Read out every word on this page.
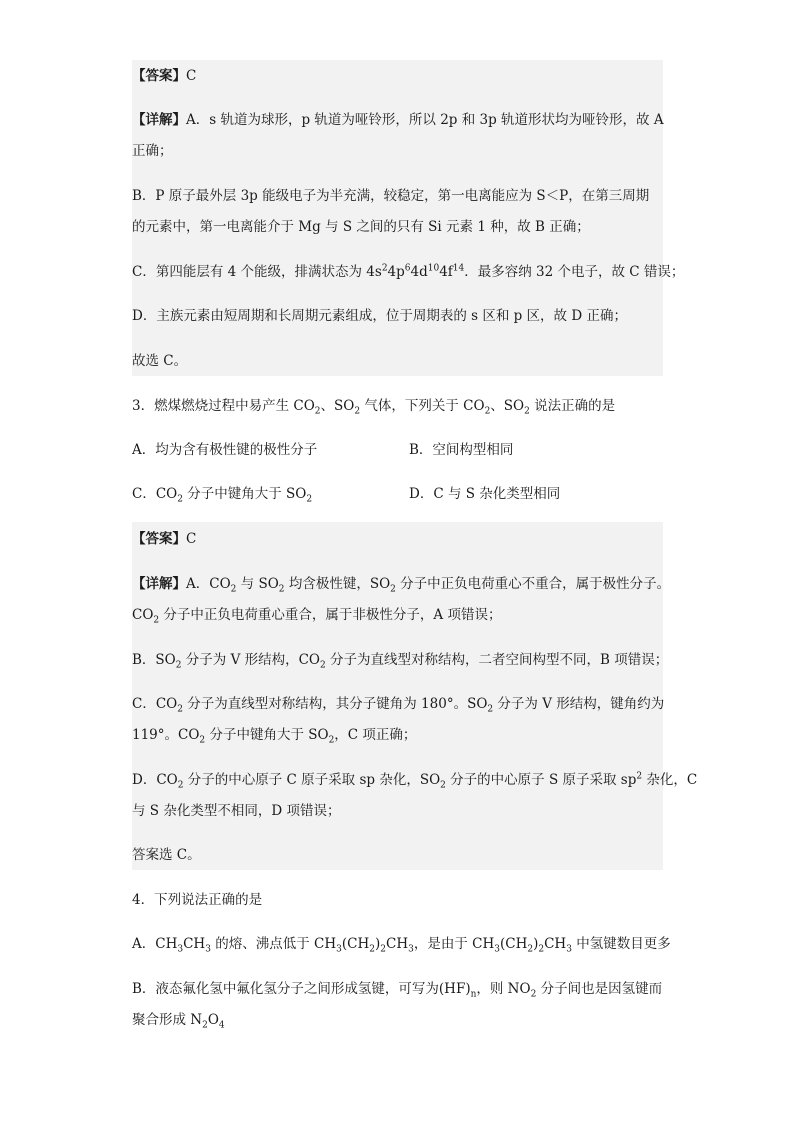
【答案】C
【详解】A．s 轨道为球形，p 轨道为哑铃形，所以 2p 和 3p 轨道形状均为哑铃形，故 A
正确；
B．P 原子最外层 3p 能级电子为半充满，较稳定，第一电离能应为 S＜P，在第三周期
的元素中，第一电离能介于 Mg 与 S 之间的只有 Si 元素 1 种，故 B 正确；
C．第四能层有 4 个能级，排满状态为 $4s^24p^64d^{10}4f^{14}$．最多容纳 32 个电子，故 C 错误；
D．主族元素由短周期和长周期元素组成，位于周期表的 s 区和 p 区，故 D 正确；
故选 C。
3．燃煤燃烧过程中易产生 $CO_2$、$SO_2$ 气体，下列关于 $CO_2$、$SO_2$ 说法正确的是
A．均为含有极性键的极性分子	B．空间构型相同
C．$CO_2$ 分子中键角大于 $SO_2$	D．C 与 S 杂化类型相同
【答案】C
【详解】A．$CO_2$ 与 $SO_2$ 均含极性键，$SO_2$ 分子中正负电荷重心不重合，属于极性分子。
$CO_2$ 分子中正负电荷重心重合，属于非极性分子，A 项错误；
B．$SO_2$ 分子为 V 形结构，$CO_2$ 分子为直线型对称结构，二者空间构型不同，B 项错误；
C．$CO_2$ 分子为直线型对称结构，其分子键角为 180°。$SO_2$ 分子为 V 形结构，键角约为
119°。$CO_2$ 分子中键角大于 $SO_2$，C 项正确；
D．$CO_2$ 分子的中心原子 C 原子采取 sp 杂化，$SO_2$ 分子的中心原子 S 原子采取 $sp^2$ 杂化，C
与 S 杂化类型不相同，D 项错误；
答案选 C。
4．下列说法正确的是
A．$CH_3CH_3$ 的熔、沸点低于 $CH_3(CH_2)_2CH_3$，是由于 $CH_3(CH_2)_2CH_3$ 中氢键数目更多
B．液态氟化氢中氟化氢分子之间形成氢键，可写为$(HF)_n$，则 $NO_2$ 分子间也是因氢键而
聚合形成 $N_2O_4$
